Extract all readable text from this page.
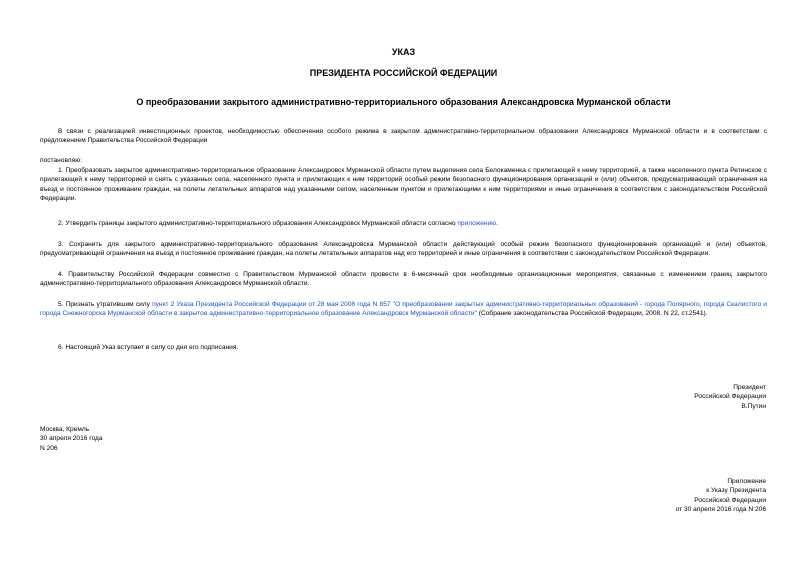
УКАЗ
ПРЕЗИДЕНТА РОССИЙСКОЙ ФЕДЕРАЦИИ
О преобразовании закрытого административно-территориального образования Александровска Мурманской области

В связи с реализацией инвестиционных проектов, необходимостью обеспечения особого режима в закрытом административно-территориальном образовании Александровск Мурманской области и в соответствии с предложением Правительства Российской Федерации

постановляю:

1. Преобразовать закрытое административно-территориальное образование Александровск Мурманской области путем выделения села Белокаменка с прилегающей к нему территорией, а также населенного пункта Ретинское с прилегающей к нему территорией и снять с указанных села, населенного пункта и прилегающих к ним территорий особый режим безопасного функционирования организаций и (или) объектов, предусматривающий ограничения на въезд и постоянное проживание граждан, на полеты летательных аппаратов над указанными селом, населенным пунктом и прилегающими к ним территориями и иные ограничения в соответствии с законодательством Российской Федерации.

2. Утвердить границы закрытого административно-территориального образования Александровск Мурманской области согласно приложению.

3. Сохранить для закрытого административно-территориального образования Александровска Мурманской области действующий особый режим безопасного функционирования организаций и (или) объектов, предусматривающий ограничения на въезд и постоянное проживание граждан, на полеты летательных аппаратов над его территорией и иные ограничения в соответствии с законодательством Российской Федерации.

4. Правительству Российской Федерации совместно с Правительством Мурманской области провести в 6-месячный срок необходимые организационные мероприятия, связанные с изменением границ закрытого административно-территориального образования Александровск Мурманской области.

5. Признать утратившим силу пункт 2 Указа Президента Российской Федерации от 28 мая 2008 года N 857 "О преобразовании закрытых административно-территориальных образований - города Полярного, города Скалистого и города Снежногорска Мурманской области в закрытое административно-территориальное образование Александровск Мурманской области" (Собрание законодательства Российской Федерации, 2008, N 22, ст.2541).

6. Настоящий Указ вступает в силу со дня его подписания.

Президент
Российской Федерации
В.Путин
Москва, Кремль
30 апреля 2016 года
N 206
Приложение
к Указу Президента
Российской Федерации
от 30 апреля 2016 года N 206
